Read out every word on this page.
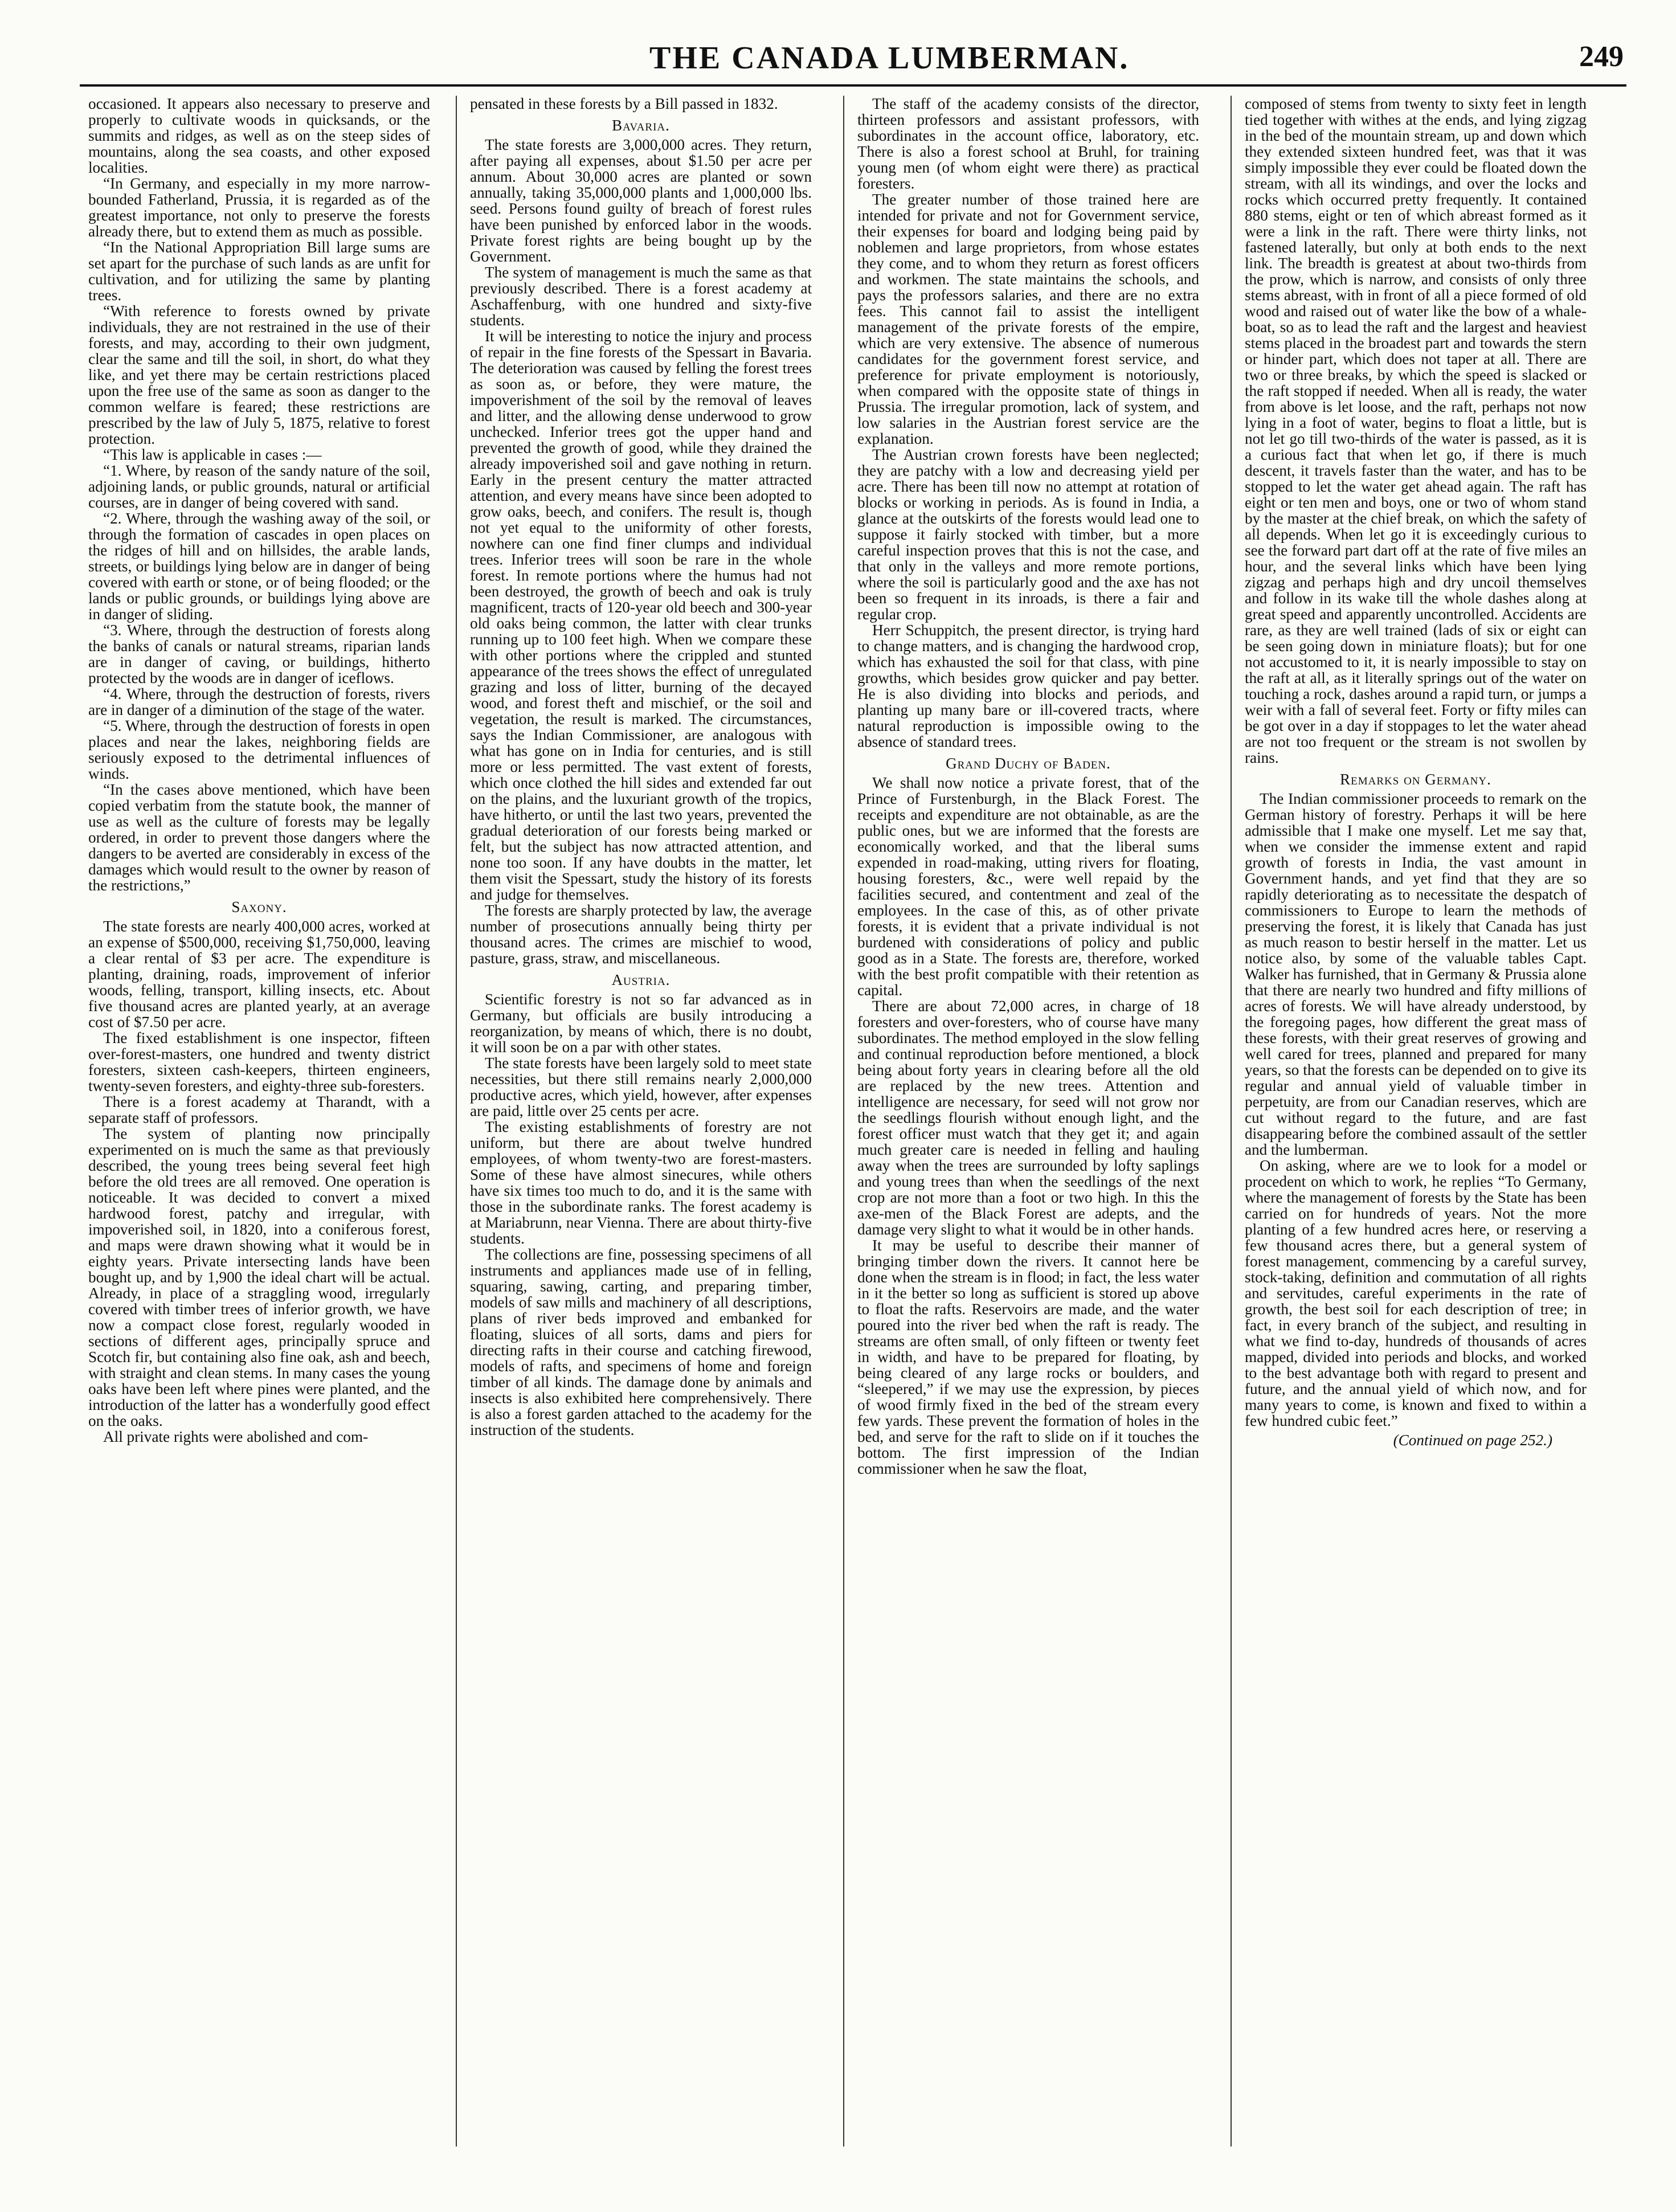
THE CANADA LUMBERMAN.	249

occasioned. It appears also necessary to preserve and properly to cultivate woods in quicksands, or the summits and ridges, as well as on the steep sides of mountains, along the sea coasts, and other exposed localities.

“In Germany, and especially in my more narrow-bounded Fatherland, Prussia, it is regarded as of the greatest importance, not only to preserve the forests already there, but to extend them as much as possible.

“In the National Appropriation Bill large sums are set apart for the purchase of such lands as are unfit for cultivation, and for utilizing the same by planting trees.

“With reference to forests owned by private individuals, they are not restrained in the use of their forests, and may, according to their own judgment, clear the same and till the soil, in short, do what they like, and yet there may be certain restrictions placed upon the free use of the same as soon as danger to the common welfare is feared; these restrictions are prescribed by the law of July 5, 1875, relative to forest protection.

“This law is applicable in cases :—

“1. Where, by reason of the sandy nature of the soil, adjoining lands, or public grounds, natural or artificial courses, are in danger of being covered with sand.

“2. Where, through the washing away of the soil, or through the formation of cascades in open places on the ridges of hill and on hillsides, the arable lands, streets, or buildings lying below are in danger of being covered with earth or stone, or of being flooded; or the lands or public grounds, or buildings lying above are in danger of sliding.

“3. Where, through the destruction of forests along the banks of canals or natural streams, riparian lands are in danger of caving, or buildings, hitherto protected by the woods are in danger of iceflows.

“4. Where, through the destruction of forests, rivers are in danger of a diminution of the stage of the water.

“5. Where, through the destruction of forests in open places and near the lakes, neighboring fields are seriously exposed to the detrimental influences of winds.

“In the cases above mentioned, which have been copied verbatim from the statute book, the manner of use as well as the culture of forests may be legally ordered, in order to prevent those dangers where the dangers to be averted are considerably in excess of the damages which would result to the owner by reason of the restrictions,”

Saxony.

The state forests are nearly 400,000 acres, worked at an expense of $500,000, receiving $1,750,000, leaving a clear rental of $3 per acre. The expenditure is planting, draining, roads, improvement of inferior woods, felling, transport, killing insects, etc. About five thousand acres are planted yearly, at an average cost of $7.50 per acre.

The fixed establishment is one inspector, fifteen over-forest-masters, one hundred and twenty district foresters, sixteen cash-keepers, thirteen engineers, twenty-seven foresters, and eighty-three sub-foresters.

There is a forest academy at Tharandt, with a separate staff of professors.

The system of planting now principally experimented on is much the same as that previously described, the young trees being several feet high before the old trees are all removed. One operation is noticeable. It was decided to convert a mixed hardwood forest, patchy and irregular, with impoverished soil, in 1820, into a coniferous forest, and maps were drawn showing what it would be in eighty years. Private intersecting lands have been bought up, and by 1,900 the ideal chart will be actual. Already, in place of a straggling wood, irregularly covered with timber trees of inferior growth, we have now a compact close forest, regularly wooded in sections of different ages, principally spruce and Scotch fir, but containing also fine oak, ash and beech, with straight and clean stems. In many cases the young oaks have been left where pines were planted, and the introduction of the latter has a wonderfully good effect on the oaks.

All private rights were abolished and com-

pensated in these forests by a Bill passed in 1832.

Bavaria.

The state forests are 3,000,000 acres. They return, after paying all expenses, about $1.50 per acre per annum. About 30,000 acres are planted or sown annually, taking 35,000,000 plants and 1,000,000 lbs. seed. Persons found guilty of breach of forest rules have been punished by enforced labor in the woods. Private forest rights are being bought up by the Government.

The system of management is much the same as that previously described. There is a forest academy at Aschaffenburg, with one hundred and sixty-five students.

It will be interesting to notice the injury and process of repair in the fine forests of the Spessart in Bavaria. The deterioration was caused by felling the forest trees as soon as, or before, they were mature, the impoverishment of the soil by the removal of leaves and litter, and the allowing dense underwood to grow unchecked. Inferior trees got the upper hand and prevented the growth of good, while they drained the already impoverished soil and gave nothing in return. Early in the present century the matter attracted attention, and every means have since been adopted to grow oaks, beech, and conifers. The result is, though not yet equal to the uniformity of other forests, nowhere can one find finer clumps and individual trees. Inferior trees will soon be rare in the whole forest. In remote portions where the humus had not been destroyed, the growth of beech and oak is truly magnificent, tracts of 120-year old beech and 300-year old oaks being common, the latter with clear trunks running up to 100 feet high. When we compare these with other portions where the crippled and stunted appearance of the trees shows the effect of unregulated grazing and loss of litter, burning of the decayed wood, and forest theft and mischief, or the soil and vegetation, the result is marked. The circumstances, says the Indian Commissioner, are analogous with what has gone on in India for centuries, and is still more or less permitted. The vast extent of forests, which once clothed the hill sides and extended far out on the plains, and the luxuriant growth of the tropics, have hitherto, or until the last two years, prevented the gradual deterioration of our forests being marked or felt, but the subject has now attracted attention, and none too soon. If any have doubts in the matter, let them visit the Spessart, study the history of its forests and judge for themselves.

The forests are sharply protected by law, the average number of prosecutions annually being thirty per thousand acres. The crimes are mischief to wood, pasture, grass, straw, and miscellaneous.

Austria.

Scientific forestry is not so far advanced as in Germany, but officials are busily introducing a reorganization, by means of which, there is no doubt, it will soon be on a par with other states.

The state forests have been largely sold to meet state necessities, but there still remains nearly 2,000,000 productive acres, which yield, however, after expenses are paid, little over 25 cents per acre.

The existing establishments of forestry are not uniform, but there are about twelve hundred employees, of whom twenty-two are forest-masters. Some of these have almost sinecures, while others have six times too much to do, and it is the same with those in the subordinate ranks. The forest academy is at Mariabrunn, near Vienna. There are about thirty-five students.

The collections are fine, possessing specimens of all instruments and appliances made use of in felling, squaring, sawing, carting, and preparing timber, models of saw mills and machinery of all descriptions, plans of river beds improved and embanked for floating, sluices of all sorts, dams and piers for directing rafts in their course and catching firewood, models of rafts, and specimens of home and foreign timber of all kinds. The damage done by animals and insects is also exhibited here comprehensively. There is also a forest garden attached to the academy for the instruction of the students.

The staff of the academy consists of the director, thirteen professors and assistant professors, with subordinates in the account office, laboratory, etc. There is also a forest school at Bruhl, for training young men (of whom eight were there) as practical foresters.

The greater number of those trained here are intended for private and not for Government service, their expenses for board and lodging being paid by noblemen and large proprietors, from whose estates they come, and to whom they return as forest officers and workmen. The state maintains the schools, and pays the professors salaries, and there are no extra fees. This cannot fail to assist the intelligent management of the private forests of the empire, which are very extensive. The absence of numerous candidates for the government forest service, and preference for private employment is notoriously, when compared with the opposite state of things in Prussia. The irregular promotion, lack of system, and low salaries in the Austrian forest service are the explanation.

The Austrian crown forests have been neglected; they are patchy with a low and decreasing yield per acre. There has been till now no attempt at rotation of blocks or working in periods. As is found in India, a glance at the outskirts of the forests would lead one to suppose it fairly stocked with timber, but a more careful inspection proves that this is not the case, and that only in the valleys and more remote portions, where the soil is particularly good and the axe has not been so frequent in its inroads, is there a fair and regular crop.

Herr Schuppitch, the present director, is trying hard to change matters, and is changing the hardwood crop, which has exhausted the soil for that class, with pine growths, which besides grow quicker and pay better. He is also dividing into blocks and periods, and planting up many bare or ill-covered tracts, where natural reproduction is impossible owing to the absence of standard trees.

Grand Duchy of Baden.

We shall now notice a private forest, that of the Prince of Furstenburgh, in the Black Forest. The receipts and expenditure are not obtainable, as are the public ones, but we are informed that the forests are economically worked, and that the liberal sums expended in road-making, utting rivers for floating, housing foresters, &c., were well repaid by the facilities secured, and contentment and zeal of the employees. In the case of this, as of other private forests, it is evident that a private individual is not burdened with considerations of policy and public good as in a State. The forests are, therefore, worked with the best profit compatible with their retention as capital.

There are about 72,000 acres, in charge of 18 foresters and over-foresters, who of course have many subordinates. The method employed in the slow felling and continual reproduction before mentioned, a block being about forty years in clearing before all the old are replaced by the new trees. Attention and intelligence are necessary, for seed will not grow nor the seedlings flourish without enough light, and the forest officer must watch that they get it; and again much greater care is needed in felling and hauling away when the trees are surrounded by lofty saplings and young trees than when the seedlings of the next crop are not more than a foot or two high. In this the axe-men of the Black Forest are adepts, and the damage very slight to what it would be in other hands.

It may be useful to describe their manner of bringing timber down the rivers. It cannot here be done when the stream is in flood; in fact, the less water in it the better so long as sufficient is stored up above to float the rafts. Reservoirs are made, and the water poured into the river bed when the raft is ready. The streams are often small, of only fifteen or twenty feet in width, and have to be prepared for floating, by being cleared of any large rocks or boulders, and “sleepered,” if we may use the expression, by pieces of wood firmly fixed in the bed of the stream every few yards. These prevent the formation of holes in the bed, and serve for the raft to slide on if it touches the bottom. The first impression of the Indian commissioner when he saw the float,

composed of stems from twenty to sixty feet in length tied together with withes at the ends, and lying zigzag in the bed of the mountain stream, up and down which they extended sixteen hundred feet, was that it was simply impossible they ever could be floated down the stream, with all its windings, and over the locks and rocks which occurred pretty frequently. It contained 880 stems, eight or ten of which abreast formed as it were a link in the raft. There were thirty links, not fastened laterally, but only at both ends to the next link. The breadth is greatest at about two-thirds from the prow, which is narrow, and consists of only three stems abreast, with in front of all a piece formed of old wood and raised out of water like the bow of a whale-boat, so as to lead the raft and the largest and heaviest stems placed in the broadest part and towards the stern or hinder part, which does not taper at all. There are two or three breaks, by which the speed is slacked or the raft stopped if needed. When all is ready, the water from above is let loose, and the raft, perhaps not now lying in a foot of water, begins to float a little, but is not let go till two-thirds of the water is passed, as it is a curious fact that when let go, if there is much descent, it travels faster than the water, and has to be stopped to let the water get ahead again. The raft has eight or ten men and boys, one or two of whom stand by the master at the chief break, on which the safety of all depends. When let go it is exceedingly curious to see the forward part dart off at the rate of five miles an hour, and the several links which have been lying zigzag and perhaps high and dry uncoil themselves and follow in its wake till the whole dashes along at great speed and apparently uncontrolled. Accidents are rare, as they are well trained (lads of six or eight can be seen going down in miniature floats); but for one not accustomed to it, it is nearly impossible to stay on the raft at all, as it literally springs out of the water on touching a rock, dashes around a rapid turn, or jumps a weir with a fall of several feet. Forty or fifty miles can be got over in a day if stoppages to let the water ahead are not too frequent or the stream is not swollen by rains.

Remarks on Germany.

The Indian commissioner proceeds to remark on the German history of forestry. Perhaps it will be here admissible that I make one myself. Let me say that, when we consider the immense extent and rapid growth of forests in India, the vast amount in Government hands, and yet find that they are so rapidly deteriorating as to necessitate the despatch of commissioners to Europe to learn the methods of preserving the forest, it is likely that Canada has just as much reason to bestir herself in the matter. Let us notice also, by some of the valuable tables Capt. Walker has furnished, that in Germany & Prussia alone that there are nearly two hundred and fifty millions of acres of forests. We will have already understood, by the foregoing pages, how different the great mass of these forests, with their great reserves of growing and well cared for trees, planned and prepared for many years, so that the forests can be depended on to give its regular and annual yield of valuable timber in perpetuity, are from our Canadian reserves, which are cut without regard to the future, and are fast disappearing before the combined assault of the settler and the lumberman.

On asking, where are we to look for a model or procedent on which to work, he replies “To Germany, where the management of forests by the State has been carried on for hundreds of years. Not the more planting of a few hundred acres here, or reserving a few thousand acres there, but a general system of forest management, commencing by a careful survey, stock-taking, definition and commutation of all rights and servitudes, careful experiments in the rate of growth, the best soil for each description of tree; in fact, in every branch of the subject, and resulting in what we find to-day, hundreds of thousands of acres mapped, divided into periods and blocks, and worked to the best advantage both with regard to present and future, and the annual yield of which now, and for many years to come, is known and fixed to within a few hundred cubic feet.”

(Continued on page 252.)
